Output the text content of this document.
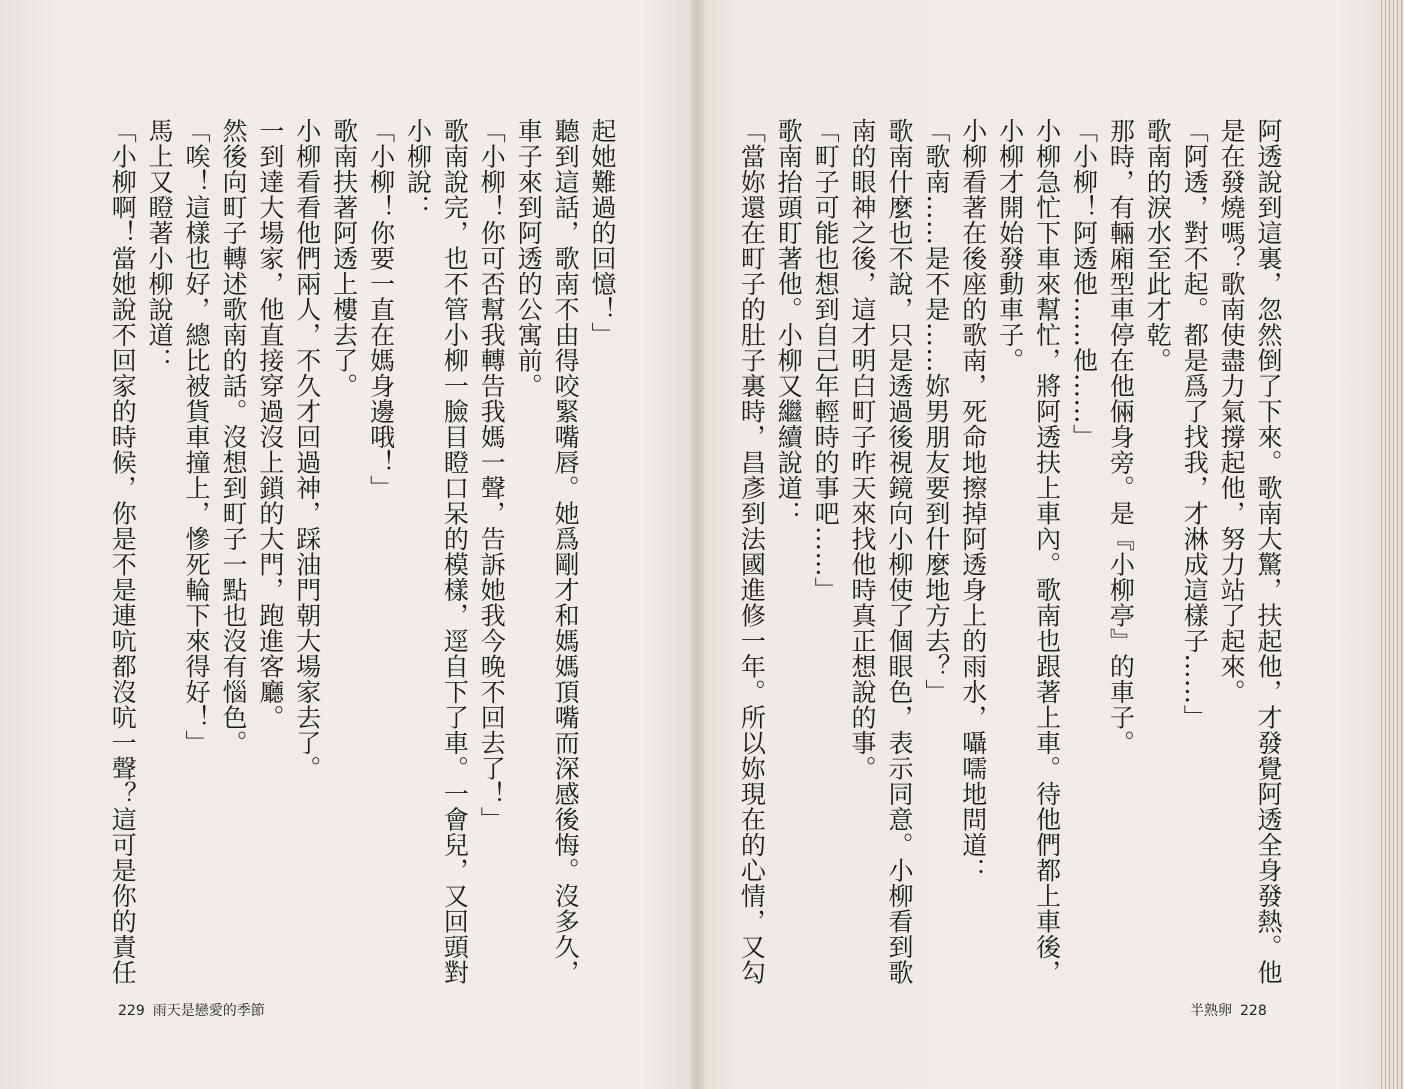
起她難過的回憶！」
聽到這話，歌南不由得咬緊嘴唇。她爲剛才和媽媽頂嘴而深感後悔。沒多久，
車子來到阿透的公寓前。
「小柳！你可否幫我轉告我媽一聲，告訴她我今晚不回去了！」
歌南說完，也不管小柳一臉目瞪口呆的模樣，逕自下了車。一會兒，又回頭對
小柳說：
「小柳！你要一直在媽身邊哦！」
歌南扶著阿透上樓去了。
小柳看看他們兩人，不久才回過神，踩油門朝大場家去了。
一到達大場家，他直接穿過沒上鎖的大門，跑進客廳。
然後向町子轉述歌南的話。沒想到町子一點也沒有惱色。
「唉！這樣也好，總比被貨車撞上，慘死輪下來得好！」
馬上又瞪著小柳說道：
「小柳啊！當她說不回家的時候，你是不是連吭都沒吭一聲？這可是你的責任
229 雨天是戀愛的季節
阿透說到這裏，忽然倒了下來。歌南大驚，扶起他，才發覺阿透全身發熱。他
是在發燒嗎？歌南使盡力氣撐起他，努力站了起來。
「阿透，對不起。都是爲了找我，才淋成這樣子……」
歌南的淚水至此才乾。
那時，有輛廂型車停在他倆身旁。是『小柳亭』的車子。
「小柳！阿透他……他……」
小柳急忙下車來幫忙，將阿透扶上車內。歌南也跟著上車。待他們都上車後，
小柳才開始發動車子。
小柳看著在後座的歌南，死命地擦掉阿透身上的雨水，囁嚅地問道：
「歌南……是不是……妳男朋友要到什麼地方去？」
歌南什麼也不說，只是透過後視鏡向小柳使了個眼色，表示同意。小柳看到歌
南的眼神之後，這才明白町子昨天來找他時真正想說的事。
「町子可能也想到自己年輕時的事吧……」
歌南抬頭盯著他。小柳又繼續說道：
「當妳還在町子的肚子裏時，昌彥到法國進修一年。所以妳現在的心情，又勾
半熟卵 228
